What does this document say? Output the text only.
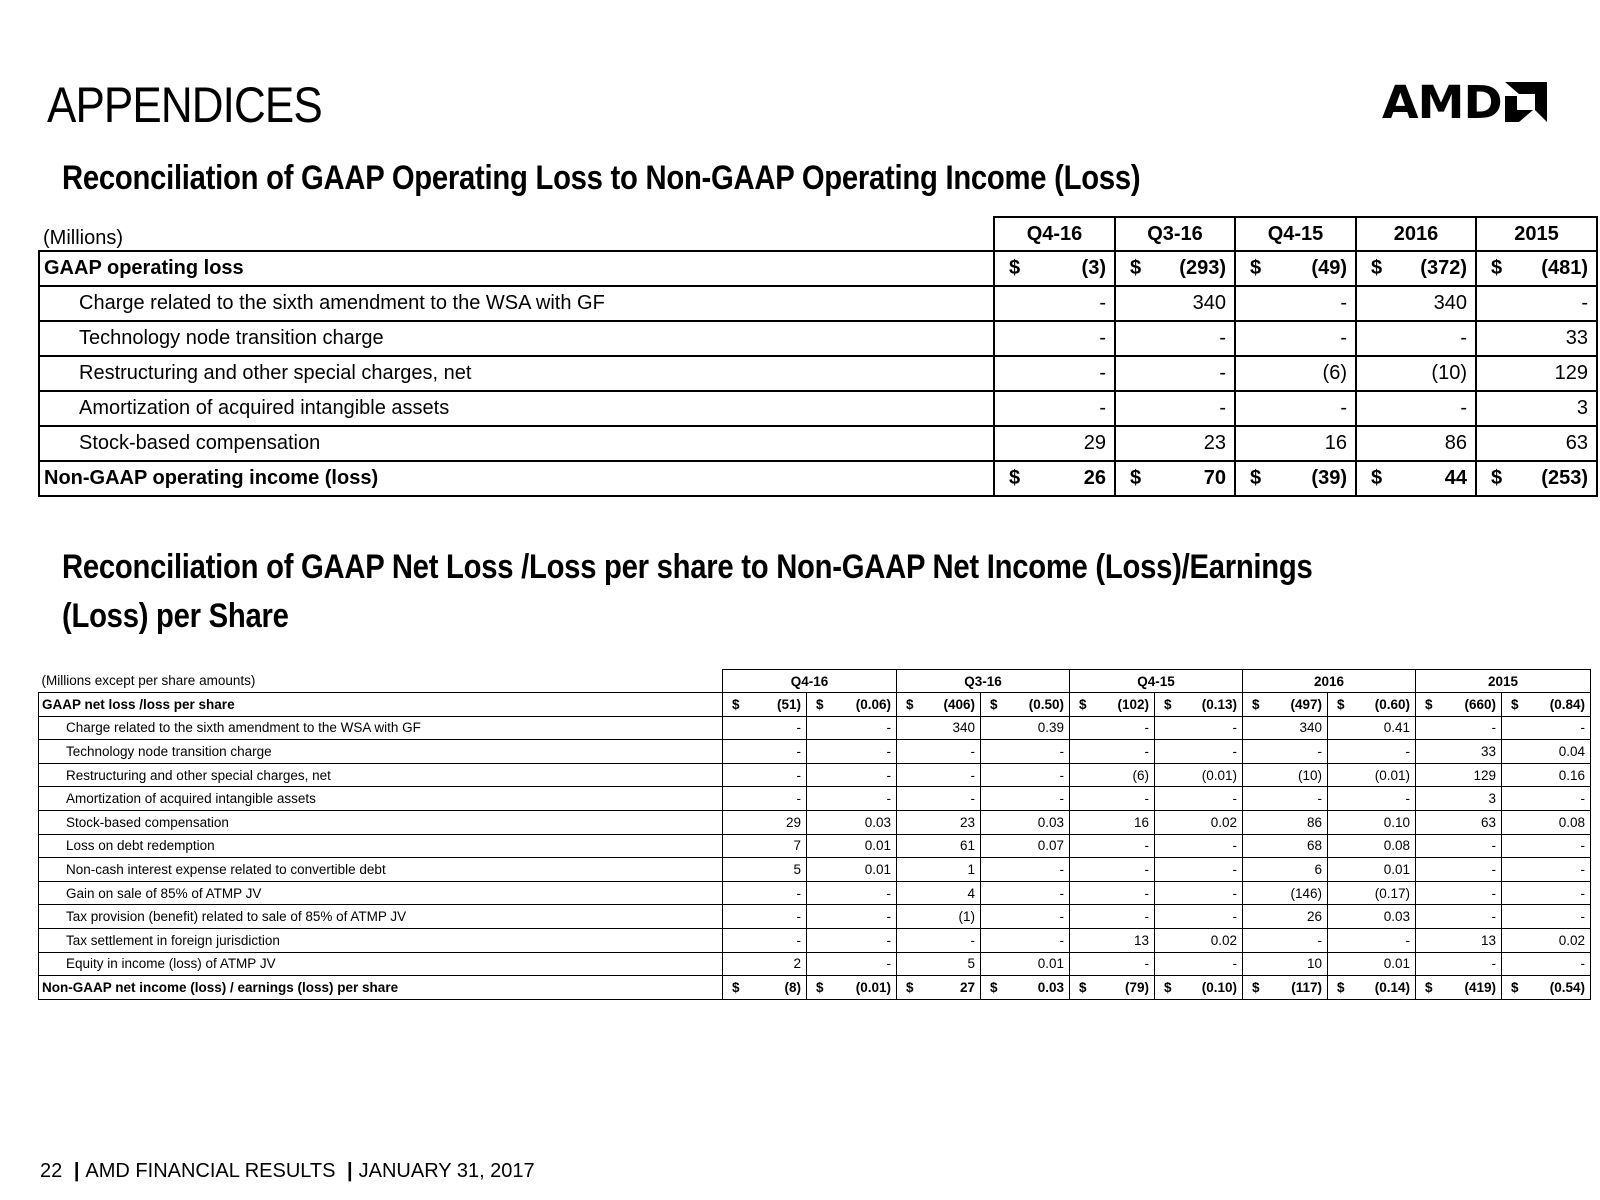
APPENDICES	AMD
Reconciliation of GAAP Operating Loss to Non-GAAP Operating Income (Loss)
(Millions)	Q4-16	Q3-16	Q4-15	2016	2015
GAAP operating loss	$ (3)	$ (293)	$ (49)	$ (372)	$ (481)
Charge related to the sixth amendment to the WSA with GF	-	340	-	340	-
Technology node transition charge	-	-	-	-	33
Restructuring and other special charges, net	-	-	(6)	(10)	129
Amortization of acquired intangible assets	-	-	-	-	3
Stock-based compensation	29	23	16	86	63
Non-GAAP operating income (loss)	$ 26	$ 70	$ (39)	$ 44	$ (253)
Reconciliation of GAAP Net Loss /Loss per share to Non-GAAP Net Income (Loss)/Earnings (Loss) per Share
(Millions except per share amounts)	Q4-16		Q3-16		Q4-15		2016		2015	
GAAP net loss /loss per share	$ (51)	$ (0.06)	$ (406)	$ (0.50)	$ (102)	$ (0.13)	$ (497)	$ (0.60)	$ (660)	$ (0.84)
Charge related to the sixth amendment to the WSA with GF	-	-	340	0.39	-	-	340	0.41	-	-
Technology node transition charge	-	-	-	-	-	-	-	-	33	0.04
Restructuring and other special charges, net	-	-	-	-	(6)	(0.01)	(10)	(0.01)	129	0.16
Amortization of acquired intangible assets	-	-	-	-	-	-	-	-	3	-
Stock-based compensation	29	0.03	23	0.03	16	0.02	86	0.10	63	0.08
Loss on debt redemption	7	0.01	61	0.07	-	-	68	0.08	-	-
Non-cash interest expense related to convertible debt	5	0.01	1	-	-	-	6	0.01	-	-
Gain on sale of 85% of ATMP JV	-	-	4	-	-	-	(146)	(0.17)	-	-
Tax provision (benefit) related to sale of 85% of ATMP JV	-	-	(1)	-	-	-	26	0.03	-	-
Tax settlement in foreign jurisdiction	-	-	-	-	13	0.02	-	-	13	0.02
Equity in income (loss) of ATMP JV	2	-	5	0.01	-	-	10	0.01	-	-
Non-GAAP net income (loss) / earnings (loss) per share	$ (8)	$ (0.01)	$ 27	$ 0.03	$ (79)	$ (0.10)	$ (117)	$ (0.14)	$ (419)	$ (0.54)
22 | AMD FINANCIAL RESULTS | JANUARY 31, 2017
